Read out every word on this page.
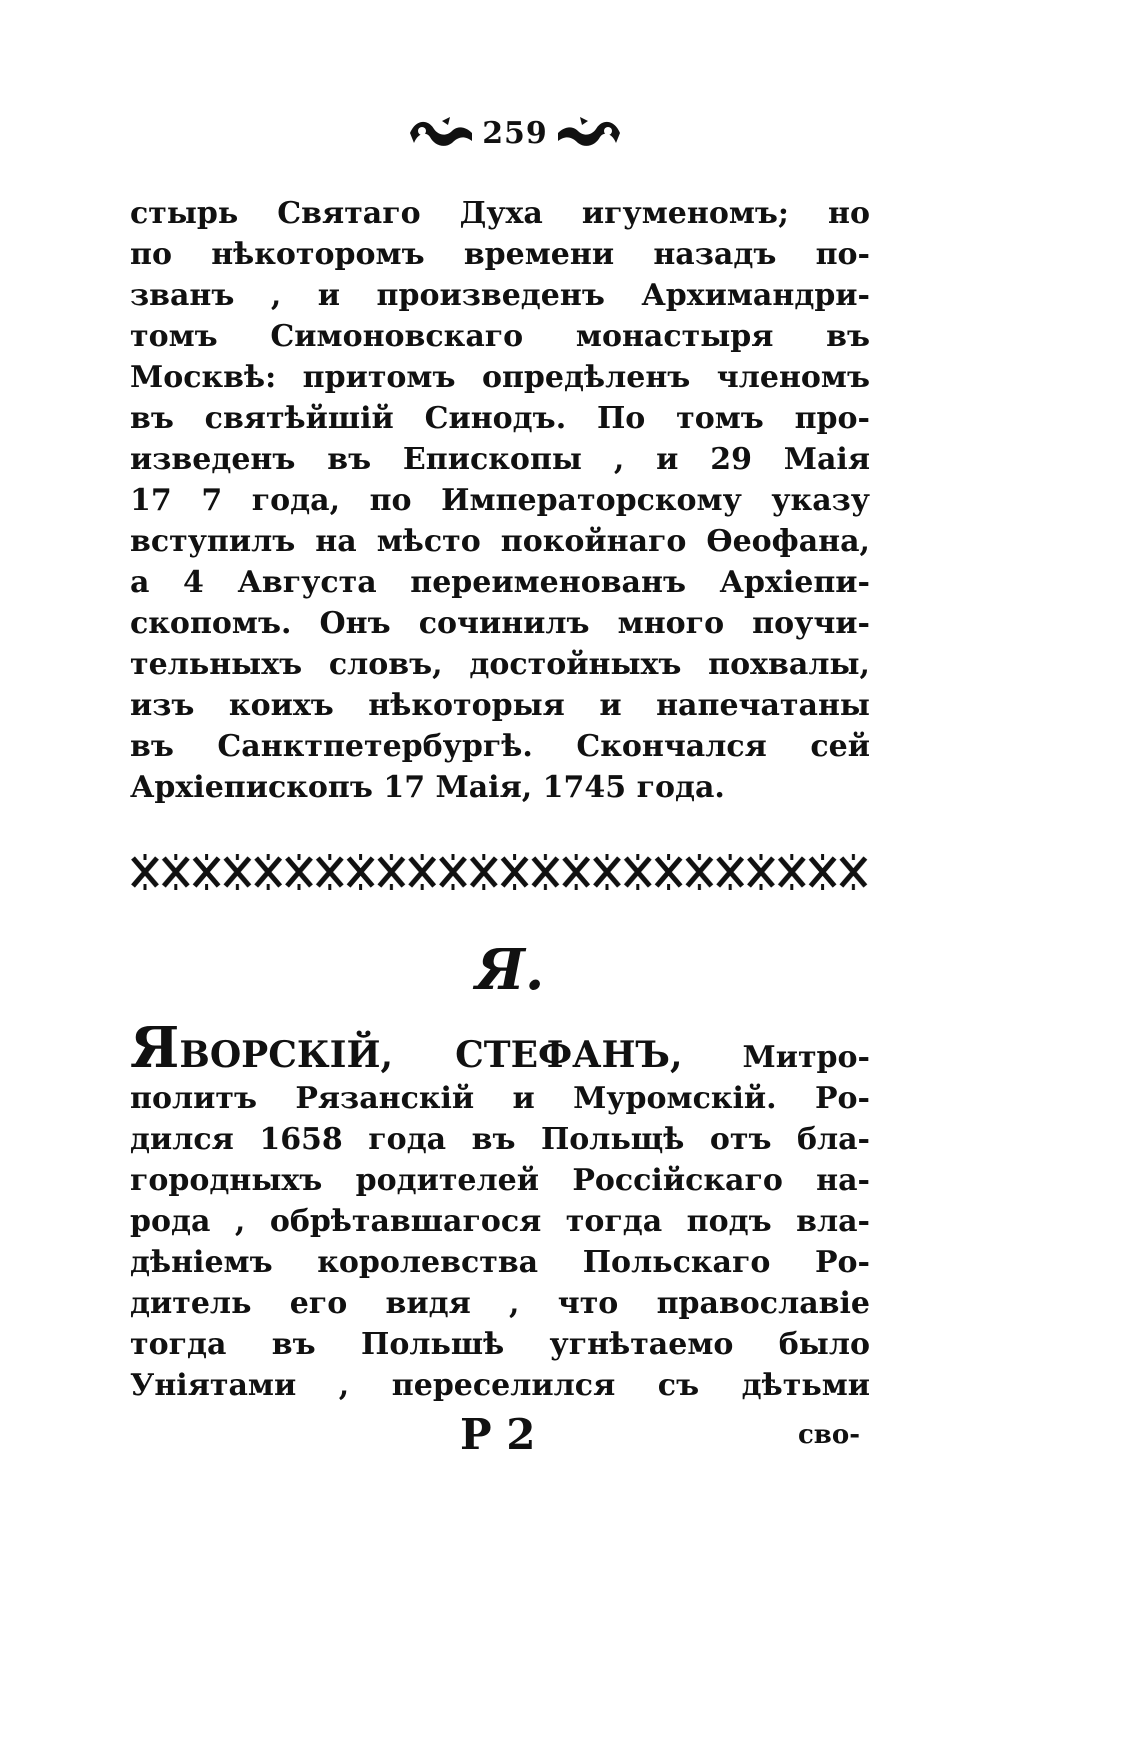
259
стырь Святаго Духа игуменомъ; но
по нѣкоторомъ времени назадъ по-
званъ , и произведенъ Архимандри-
томъ Симоновскаго монастыря въ
Москвѣ: притомъ опредѣленъ членомъ
въ святѣйшій Синодъ. По томъ про-
изведенъ въ Епископы , и 29 Маія
17 7 года, по Императорскому указу
вступилъ на мѣсто покойнаго Ѳеофана,
а 4 Августа переименованъ Архіепи-
скопомъ. Онъ сочинилъ много поучи-
тельныхъ словъ, достойныхъ похвалы,
изъ коихъ нѣкоторыя и напечатаны
въ Санктпетербургѣ. Скончался сей
Архіепископъ 17 Маія, 1745 года.
Я.
ЯВОРСКІЙ, СТЕФАНЪ, Митро-
политъ Рязанскій и Муромскій. Ро-
дился 1658 года въ Польщѣ отъ бла-
городныхъ родителей Россійскаго на-
рода , обрѣтавшагося тогда подъ вла-
дѣніемъ королевства Польскаго Ро-
дитель его видя , что православіе
тогда въ Польшѣ угнѣтаемо было
Уніятами , переселился съ дѣтьми
Р 2	сво-
